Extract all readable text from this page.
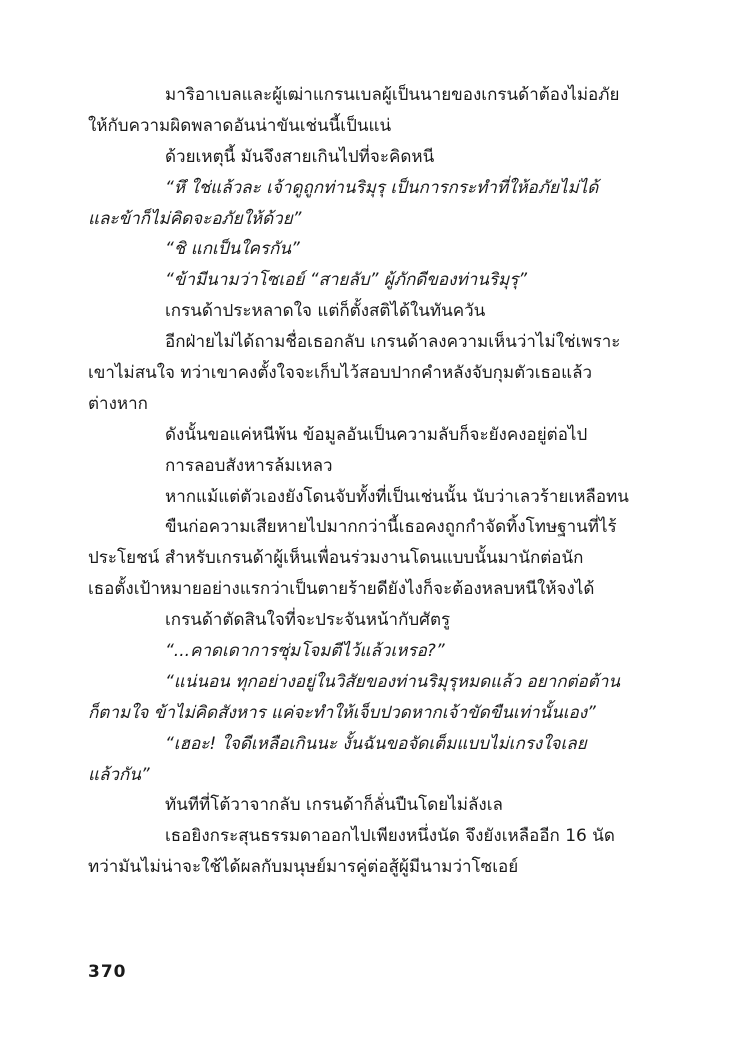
มาริอาเบลและผู้เฒ่าแกรนเบลผู้เป็นนายของเกรนด้าต้องไม่อภัย
ให้กับความผิดพลาดอันน่าขันเช่นนี้เป็นแน่
ด้วยเหตุนี้ มันจึงสายเกินไปที่จะคิดหนี
“หึ ใช่แล้วละ เจ้าดูถูกท่านริมุรุ เป็นการกระทำที่ให้อภัยไม่ได้
และข้าก็ไม่คิดจะอภัยให้ด้วย”
“ชิ แกเป็นใครกัน”
“ข้ามีนามว่าโซเอย์ “สายลับ” ผู้ภักดีของท่านริมุรุ”
เกรนด้าประหลาดใจ แต่ก็ตั้งสติได้ในทันควัน
อีกฝ่ายไม่ได้ถามชื่อเธอกลับ เกรนด้าลงความเห็นว่าไม่ใช่เพราะ
เขาไม่สนใจ ทว่าเขาคงตั้งใจจะเก็บไว้สอบปากคำหลังจับกุมตัวเธอแล้ว
ต่างหาก
ดังนั้นขอแค่หนีพ้น ข้อมูลอันเป็นความลับก็จะยังคงอยู่ต่อไป
การลอบสังหารล้มเหลว
หากแม้แต่ตัวเองยังโดนจับทั้งที่เป็นเช่นนั้น นับว่าเลวร้ายเหลือทน
ขืนก่อความเสียหายไปมากกว่านี้เธอคงถูกกำจัดทิ้งโทษฐานที่ไร้
ประโยชน์ สำหรับเกรนด้าผู้เห็นเพื่อนร่วมงานโดนแบบนั้นมานักต่อนัก
เธอตั้งเป้าหมายอย่างแรกว่าเป็นตายร้ายดียังไงก็จะต้องหลบหนีให้จงได้
เกรนด้าตัดสินใจที่จะประจันหน้ากับศัตรู
“...คาดเดาการซุ่มโจมตีไว้แล้วเหรอ?”
“แน่นอน ทุกอย่างอยู่ในวิสัยของท่านริมุรุหมดแล้ว อยากต่อต้าน
ก็ตามใจ ข้าไม่คิดสังหาร แค่จะทำให้เจ็บปวดหากเจ้าขัดขืนเท่านั้นเอง”
“เฮอะ! ใจดีเหลือเกินนะ งั้นฉันขอจัดเต็มแบบไม่เกรงใจเลย
แล้วกัน”
ทันทีที่โต้วาจากลับ เกรนด้าก็ลั่นปืนโดยไม่ลังเล
เธอยิงกระสุนธรรมดาออกไปเพียงหนึ่งนัด จึงยังเหลืออีก 16 นัด
ทว่ามันไม่น่าจะใช้ได้ผลกับมนุษย์มารคู่ต่อสู้ผู้มีนามว่าโซเอย์
370
